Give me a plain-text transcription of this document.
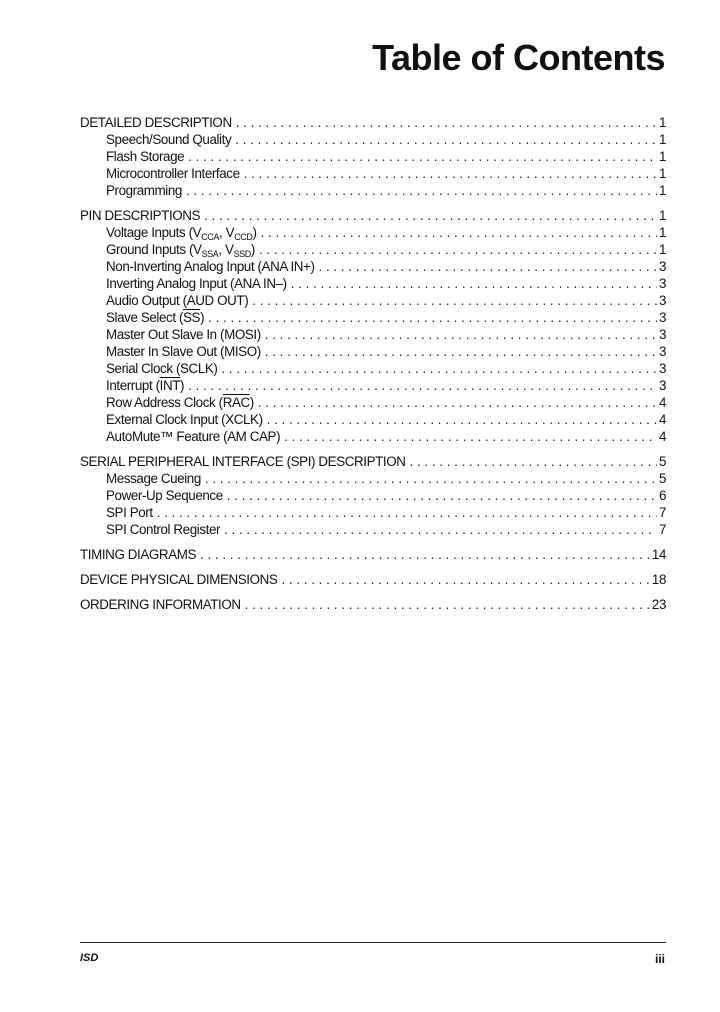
Table of Contents
DETAILED DESCRIPTION . . .	1
Speech/Sound Quality . . .	1
Flash Storage . . .	1
Microcontroller Interface . . .	1
Programming . . .	1
PIN DESCRIPTIONS . . .	1
Voltage Inputs ($V_{CCA}$, $V_{CCD}$) . . .	1
Ground Inputs ($V_{SSA}$, $V_{SSD}$) . . .	1
Non-Inverting Analog Input (ANA IN+) . . .	3
Inverting Analog Input (ANA IN–) . . .	3
Audio Output (AUD OUT) . . .	3
Slave Select $(\overline{SS})$ . . .	3
Master Out Slave In (MOSI) . . .	3
Master In Slave Out (MISO) . . .	3
Serial Clock (SCLK) . . .	3
Interrupt $(\overline{INT})$ . . .	3
Row Address Clock $(\overline{RAC})$ . . .	4
External Clock Input (XCLK) . . .	4
AutoMute™ Feature (AM CAP) . . .	4
SERIAL PERIPHERAL INTERFACE (SPI) DESCRIPTION . . .	5
Message Cueing . . .	5
Power-Up Sequence . . .	6
SPI Port . . .	7
SPI Control Register . . .	7
TIMING DIAGRAMS . . .	14
DEVICE PHYSICAL DIMENSIONS . . .	18
ORDERING INFORMATION . . .	23
ISD	iii
